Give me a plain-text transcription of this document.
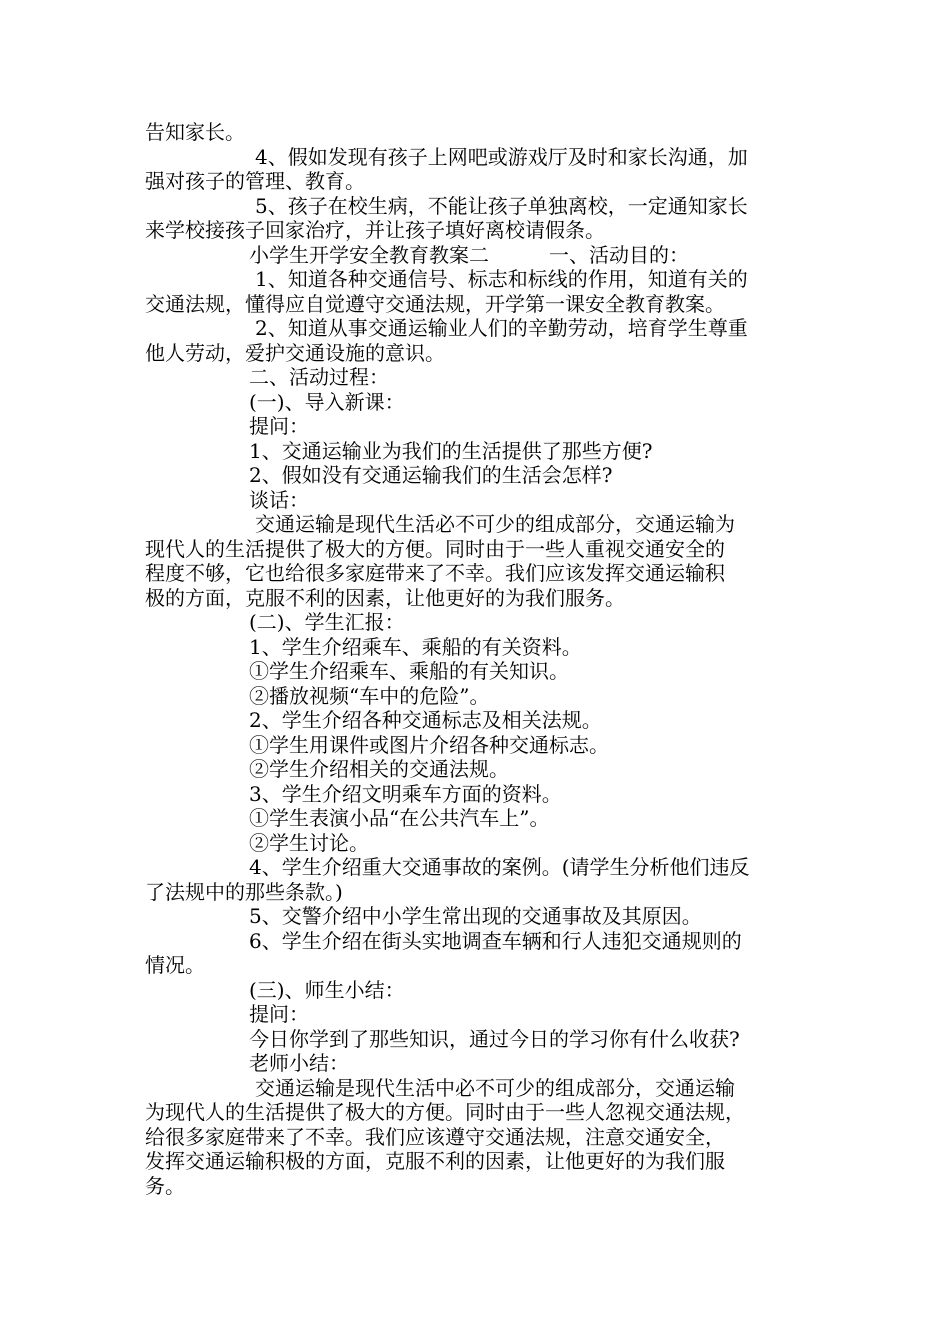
告知家长。
4、假如发现有孩子上网吧或游戏厅及时和家长沟通，加
强对孩子的管理、教育。
5、孩子在校生病，不能让孩子单独离校，一定通知家长
来学校接孩子回家治疗，并让孩子填好离校请假条。
小学生开学安全教育教案二　　　一、活动目的：
1、知道各种交通信号、标志和标线的作用，知道有关的
交通法规，懂得应自觉遵守交通法规，开学第一课安全教育教案。
2、知道从事交通运输业人们的辛勤劳动，培育学生尊重
他人劳动，爱护交通设施的意识。
二、活动过程：
(一)、导入新课：
提问：
1、交通运输业为我们的生活提供了那些方便?
2、假如没有交通运输我们的生活会怎样?
谈话：
交通运输是现代生活必不可少的组成部分，交通运输为
现代人的生活提供了极大的方便。同时由于一些人重视交通安全的
程度不够，它也给很多家庭带来了不幸。我们应该发挥交通运输积
极的方面，克服不利的因素，让他更好的为我们服务。
(二)、学生汇报：
1、学生介绍乘车、乘船的有关资料。
①学生介绍乘车、乘船的有关知识。
②播放视频“车中的危险”。
2、学生介绍各种交通标志及相关法规。
①学生用课件或图片介绍各种交通标志。
②学生介绍相关的交通法规。
3、学生介绍文明乘车方面的资料。
①学生表演小品“在公共汽车上”。
②学生讨论。
4、学生介绍重大交通事故的案例。(请学生分析他们违反
了法规中的那些条款。)
5、交警介绍中小学生常出现的交通事故及其原因。
6、学生介绍在街头实地调查车辆和行人违犯交通规则的
情况。
(三)、师生小结：
提问：
今日你学到了那些知识，通过今日的学习你有什么收获?
老师小结：
交通运输是现代生活中必不可少的组成部分，交通运输
为现代人的生活提供了极大的方便。同时由于一些人忽视交通法规，
给很多家庭带来了不幸。我们应该遵守交通法规，注意交通安全，
发挥交通运输积极的方面，克服不利的因素，让他更好的为我们服
务。
